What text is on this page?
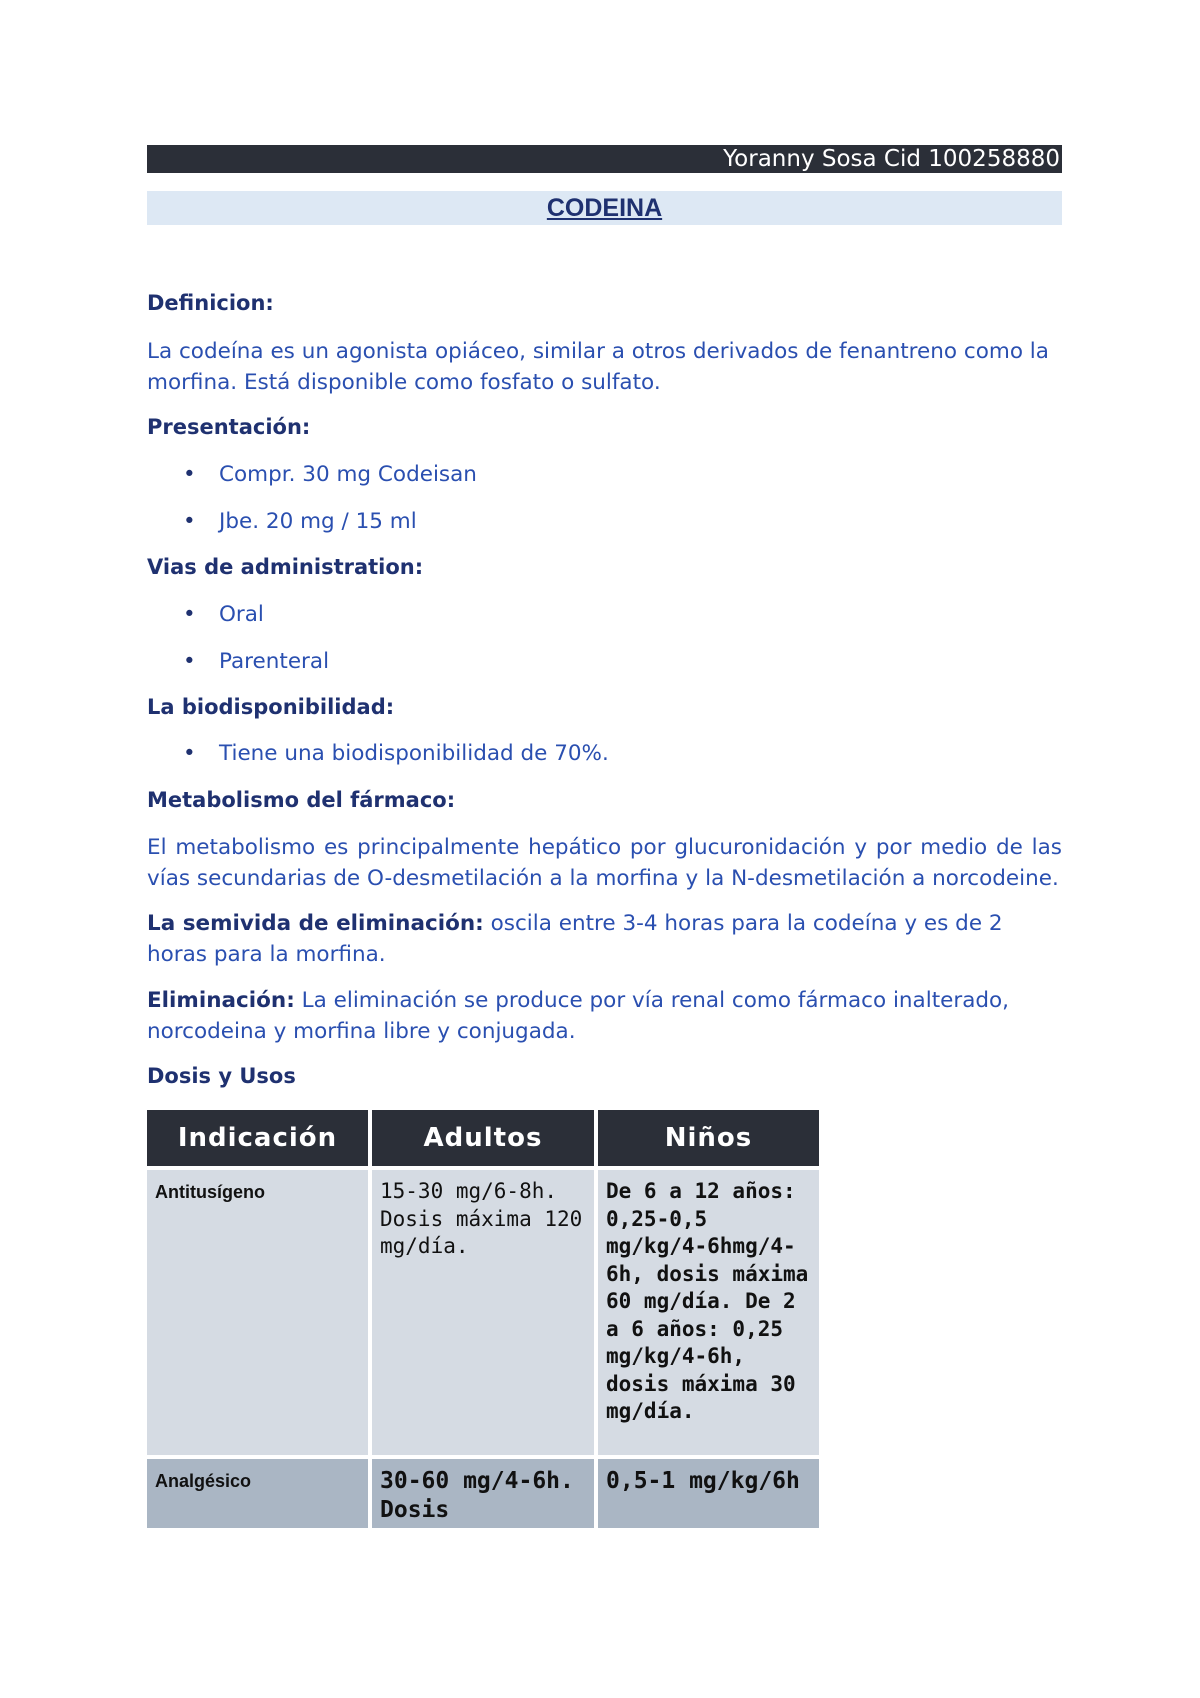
Yoranny Sosa Cid 100258880
CODEINA
Definicion:
La codeína es un agonista opiáceo, similar a otros derivados de fenantreno como la morfina. Está disponible como fosfato o sulfato.
Presentación:
• Compr. 30 mg Codeisan
• Jbe. 20 mg / 15 ml
Vias de administration:
• Oral
• Parenteral
La biodisponibilidad:
• Tiene una biodisponibilidad de 70%.
Metabolismo del fármaco:
El metabolismo es principalmente hepático por glucuronidación y por medio de las vías secundarias de O-desmetilación a la morfina y la N-desmetilación a norcodeine.
La semivida de eliminación: oscila entre 3-4 horas para la codeína y es de 2 horas para la morfina.
Eliminación: La eliminación se produce por vía renal como fármaco inalterado, norcodeina y morfina libre y conjugada.
Dosis y Usos
Indicación	Adultos	Niños
Antitusígeno	15-30 mg/6-8h. Dosis máxima 120 mg/día.	De 6 a 12 años: 0,25-0,5 mg/kg/4-6hmg/4-6h, dosis máxima 60 mg/día. De 2 a 6 años: 0,25 mg/kg/4-6h, dosis máxima 30 mg/día.
Analgésico	30-60 mg/4-6h. Dosis	0,5-1 mg/kg/6h
